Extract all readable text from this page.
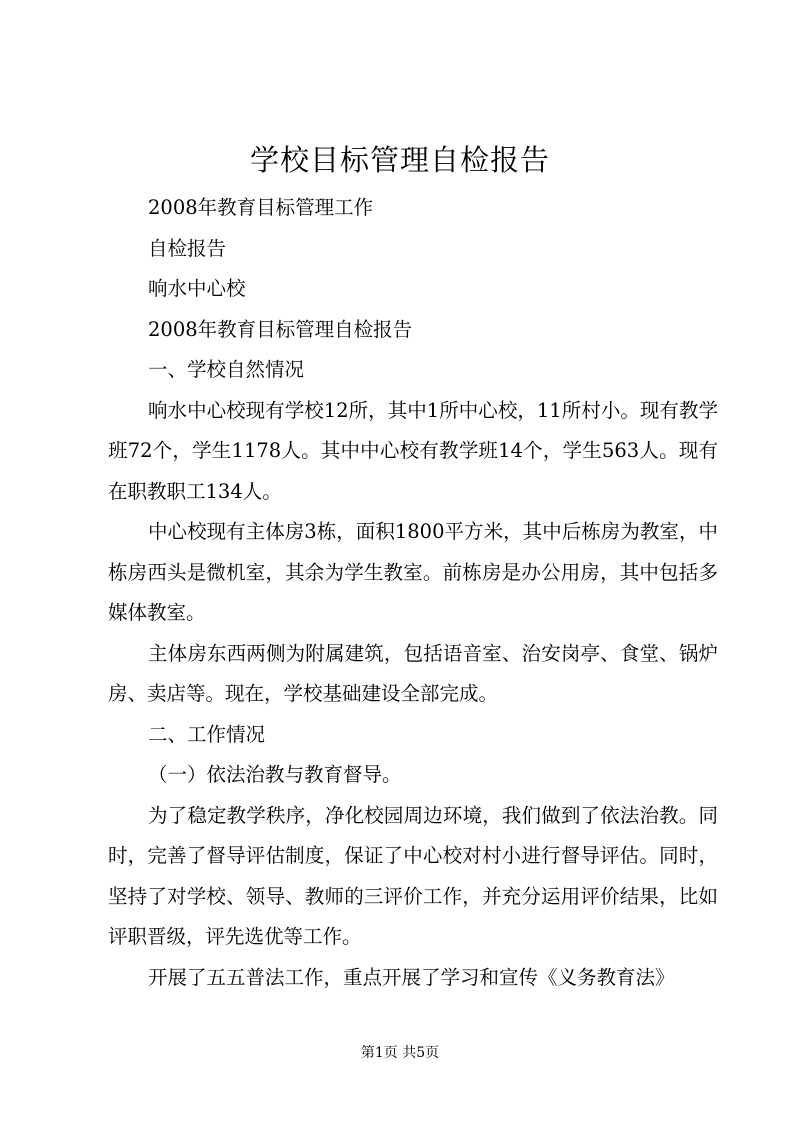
学校目标管理自检报告

2008年教育目标管理工作

自检报告

响水中心校

2008年教育目标管理自检报告

一、学校自然情况

响水中心校现有学校12所，其中1所中心校，11所村小。现有教学班72个，学生1178人。其中中心校有教学班14个，学生563人。现有在职教职工134人。

中心校现有主体房3栋，面积1800平方米，其中后栋房为教室，中栋房西头是微机室，其余为学生教室。前栋房是办公用房，其中包括多媒体教室。

主体房东西两侧为附属建筑，包括语音室、治安岗亭、食堂、锅炉房、卖店等。现在，学校基础建设全部完成。

二、工作情况

（一）依法治教与教育督导。

为了稳定教学秩序，净化校园周边环境，我们做到了依法治教。同时，完善了督导评估制度，保证了中心校对村小进行督导评估。同时，坚持了对学校、领导、教师的三评价工作，并充分运用评价结果，比如评职晋级，评先选优等工作。

开展了五五普法工作，重点开展了学习和宣传《义务教育法》

第1页 共5页
